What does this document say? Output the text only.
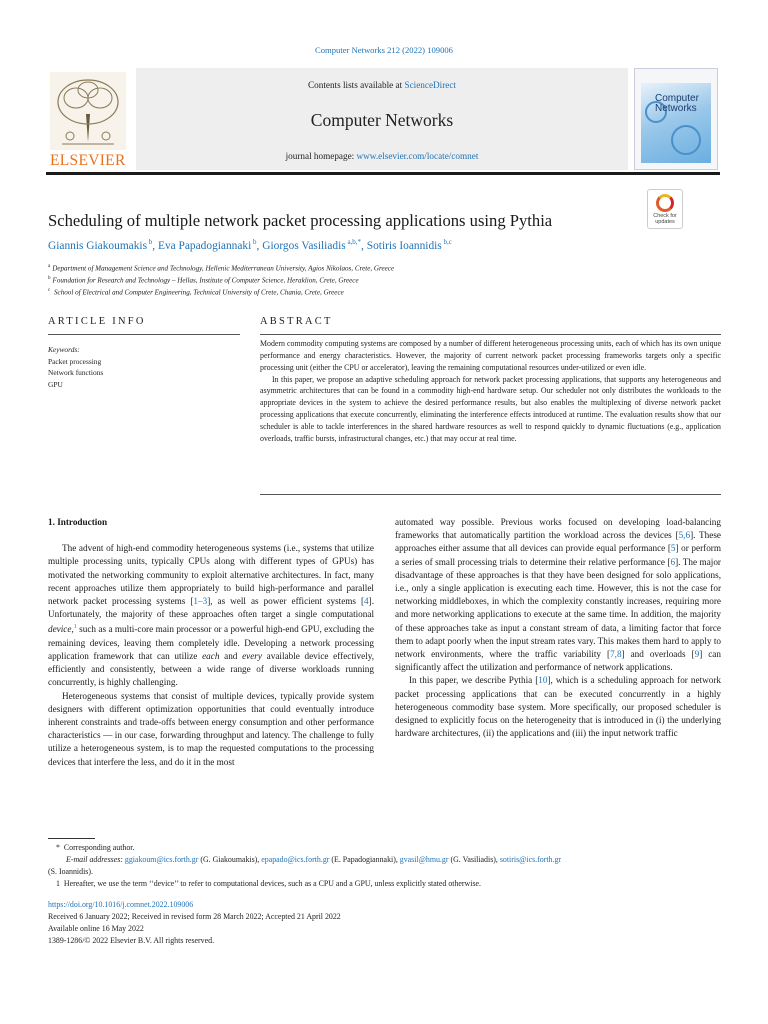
Computer Networks 212 (2022) 109006
ELSEVIER
Contents lists available at ScienceDirect
Computer Networks
journal homepage: www.elsevier.com/locate/comnet
Computer
Networks
Check for
updates
Scheduling of multiple network packet processing applications using Pythia
Giannis Giakoumakis $^b$, Eva Papadogiannaki $^b$, Giorgos Vasiliadis $^{a,b,*}$, Sotiris Ioannidis $^{b,c}$
$^a$ Department of Management Science and Technology, Hellenic Mediterranean University, Agios Nikolaos, Crete, Greece
$^b$ Foundation for Research and Technology – Hellas, Institute of Computer Science, Heraklion, Crete, Greece
$^c$ School of Electrical and Computer Engineering, Technical University of Crete, Chania, Crete, Greece
ARTICLE INFO	ABSTRACT
Keywords:
Packet processing
Network functions
GPU

Modern commodity computing systems are composed by a number of different heterogeneous processing units, each of which has its own unique performance and energy characteristics. However, the majority of current network packet processing frameworks targets only a specific processing unit (either the CPU or accelerator), leaving the remaining computational resources under-utilized or even idle.

In this paper, we propose an adaptive scheduling approach for network packet processing applications, that supports any heterogeneous and asymmetric architectures that can be found in a commodity high-end hardware setup. Our scheduler not only distributes the workloads to the appropriate devices in the system to achieve the desired performance results, but also enables the multiplexing of diverse network packet processing applications that execute concurrently, eliminating the interference effects introduced at runtime. The evaluation results show that our scheduler is able to tackle interferences in the shared hardware resources as well to respond quickly to dynamic fluctuations (e.g., application overloads, traffic bursts, infrastructural changes, etc.) that may occur at real time.

1. Introduction

The advent of high-end commodity heterogeneous systems (i.e., systems that utilize multiple processing units, typically CPUs along with different types of GPUs) has motivated the networking community to exploit alternative architectures. In fact, many recent approaches utilize them appropriately to build high-performance and parallel network packet processing systems [1–3], as well as power efficient systems [4]. Unfortunately, the majority of these approaches often target a single computational device,$^1$ such as a multi-core main processor or a powerful high-end GPU, excluding the remaining devices, leaving them completely idle. Developing a network processing application framework that can utilize each and every available device effectively, efficiently and consistently, between a wide range of diverse workloads running concurrently, is highly challenging.

Heterogeneous systems that consist of multiple devices, typically provide system designers with different optimization opportunities that could eventually introduce inherent constraints and trade-offs between energy consumption and other performance characteristics — in our case, forwarding throughput and latency. The challenge to fully utilize a heterogeneous system, is to map the requested computations to the processing devices that interfere the less, and do it in the most

automated way possible. Previous works focused on developing load-balancing frameworks that automatically partition the workload across the devices [5,6]. These approaches either assume that all devices can provide equal performance [5] or perform a series of small processing trials to determine their relative performance [6]. The major disadvantage of these approaches is that they have been designed for solo applications, i.e., only a single application is executing each time. However, this is not the case for networking middleboxes, in which the complexity constantly increases, requiring more and more networking applications to execute at the same time. In addition, the majority of these approaches take as input a constant stream of data, a limiting factor that force them to adapt poorly when the input stream rates vary. This makes them hard to apply to network environments, where the traffic variability [7,8] and overloads [9] can significantly affect the utilization and performance of network applications.

In this paper, we describe Pythia [10], which is a scheduling approach for network packet processing applications that can be executed concurrently in a highly heterogeneous commodity base system. More specifically, our proposed scheduler is designed to explicitly focus on the heterogeneity that is introduced in (i) the underlying hardware architectures, (ii) the applications and (iii) the input network traffic

*  Corresponding author.
E-mail addresses: ggiakoum@ics.forth.gr (G. Giakoumakis), epapado@ics.forth.gr (E. Papadogiannaki), gvasil@hmu.gr (G. Vasiliadis), sotiris@ics.forth.gr
(S. Ioannidis).
1 Hereafter, we use the term ‘‘device’’ to refer to computational devices, such as a CPU and a GPU, unless explicitly stated otherwise.
https://doi.org/10.1016/j.comnet.2022.109006
Received 6 January 2022; Received in revised form 28 March 2022; Accepted 21 April 2022
Available online 16 May 2022
1389-1286/© 2022 Elsevier B.V. All rights reserved.
